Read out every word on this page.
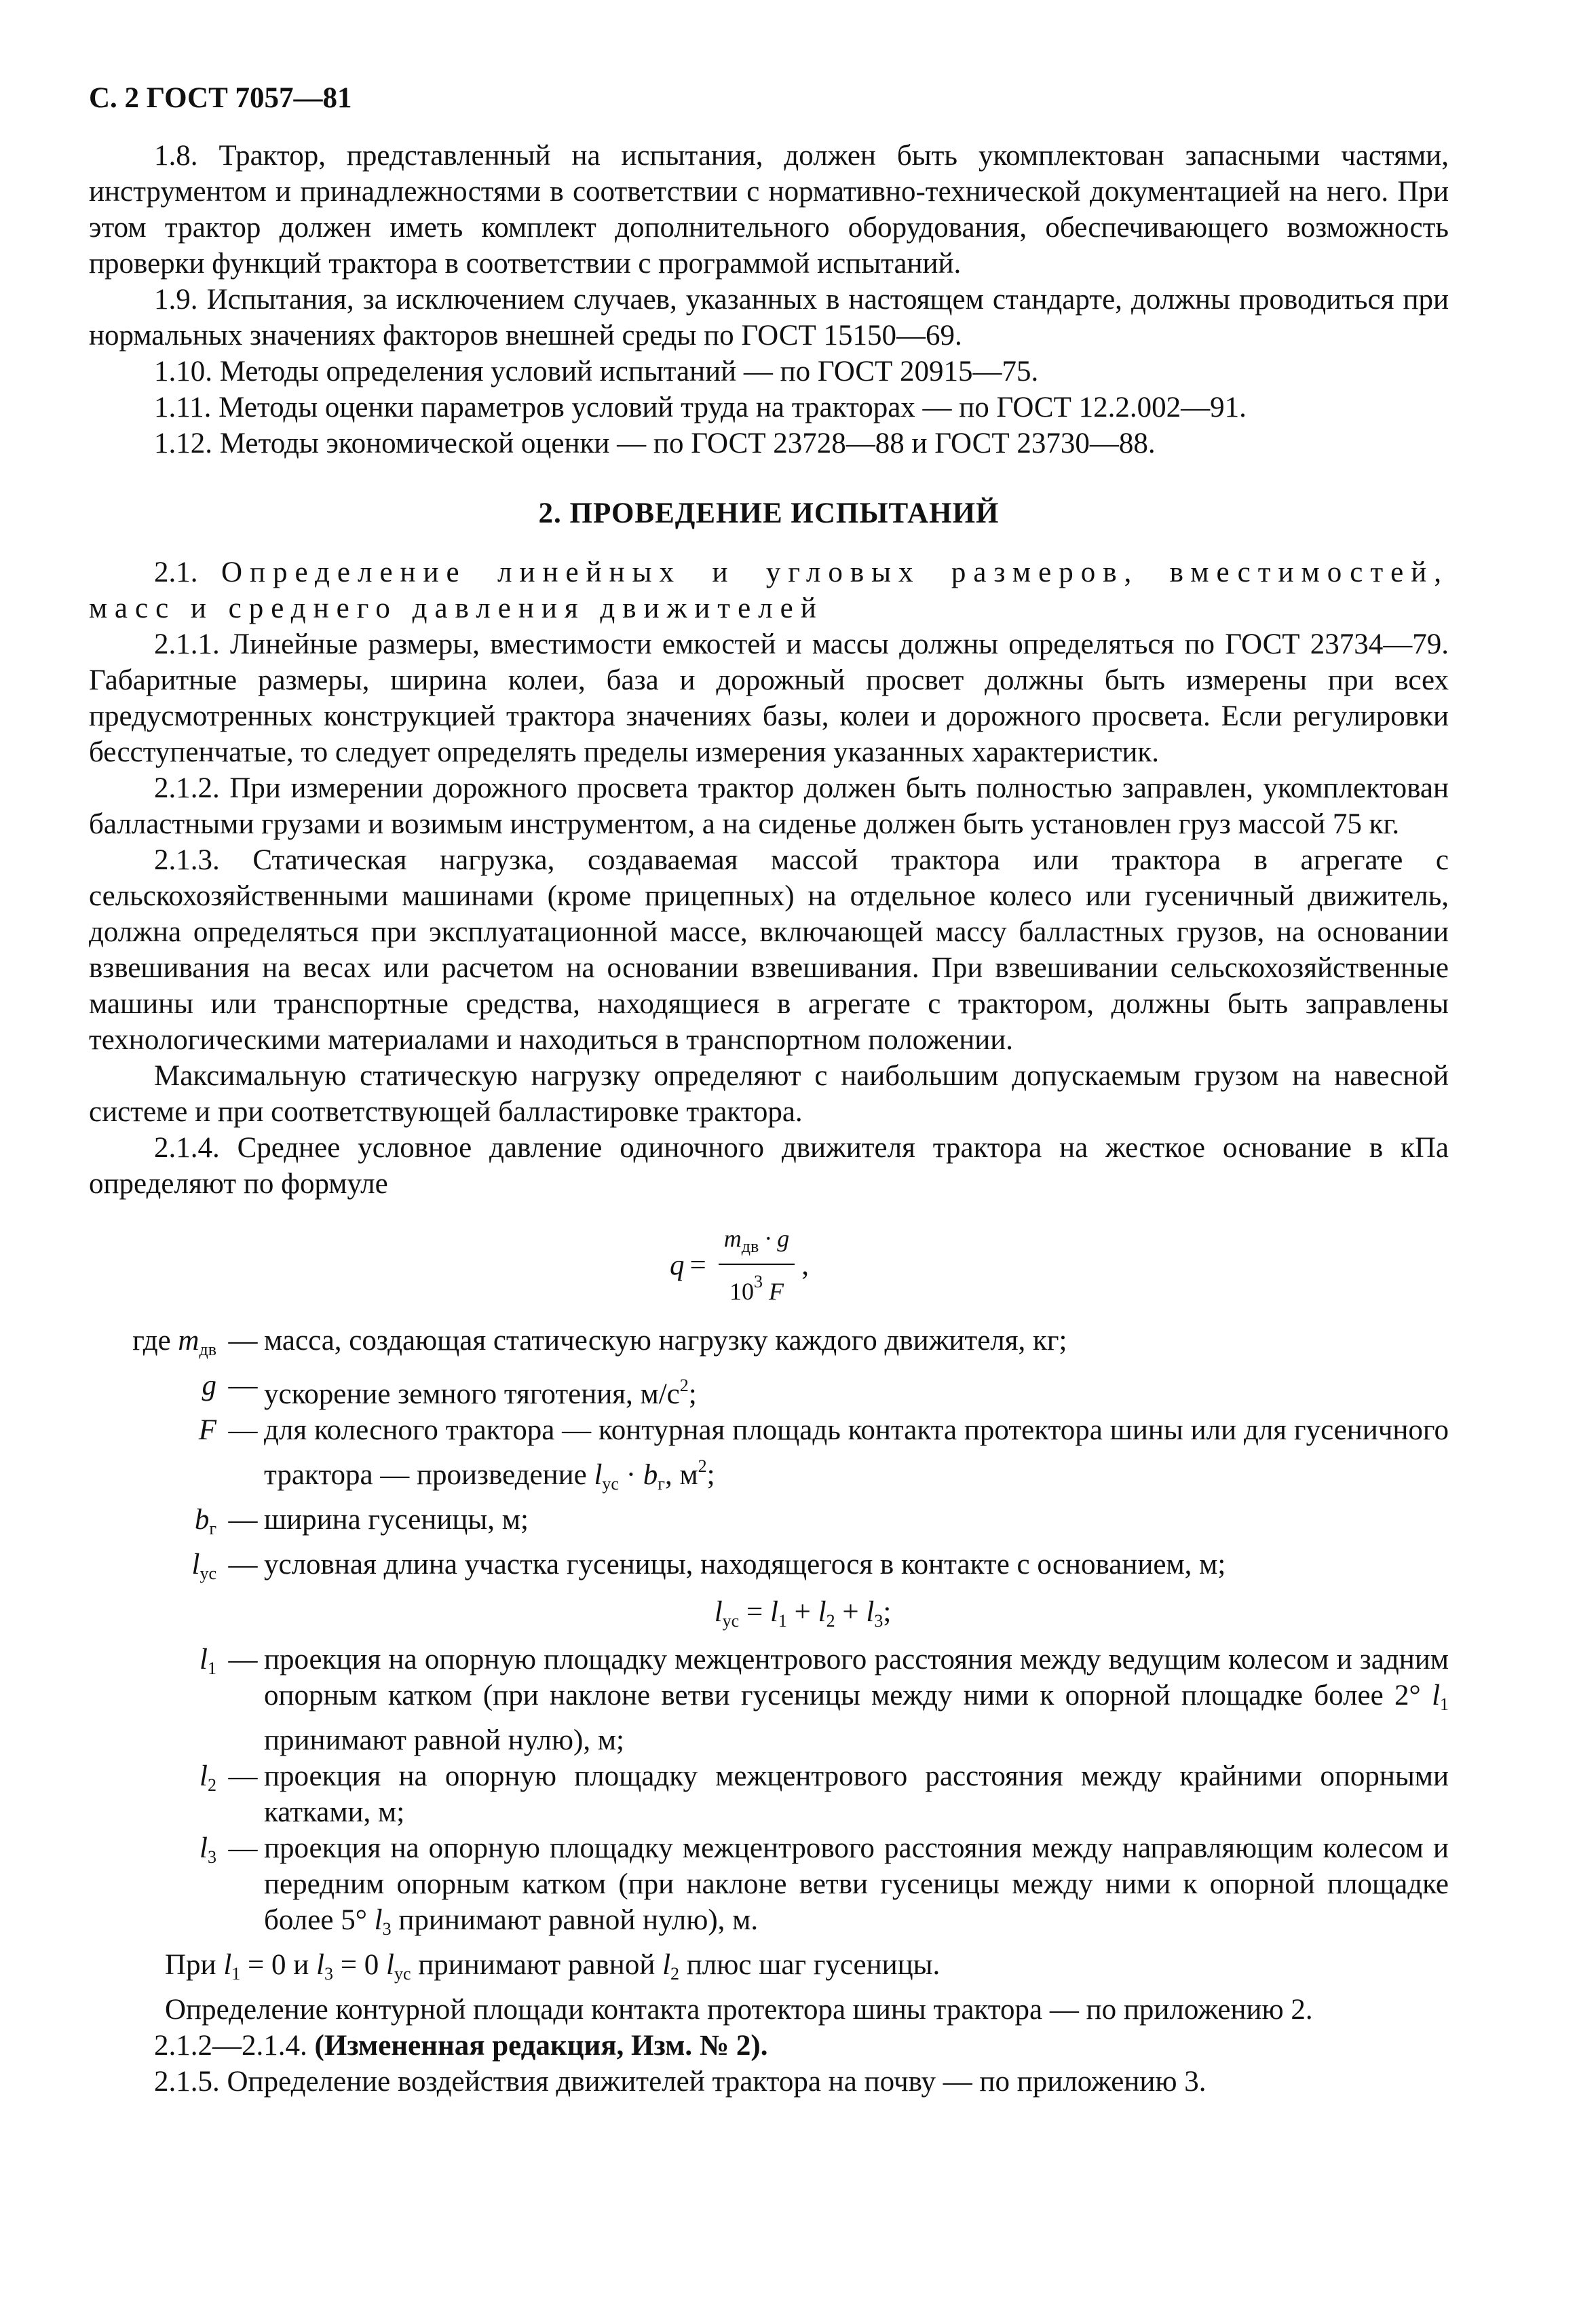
С. 2 ГОСТ 7057—81

1.8. Трактор, представленный на испытания, должен быть укомплектован запасными частями, инструментом и принадлежностями в соответствии с нормативно-технической документацией на него. При этом трактор должен иметь комплект дополнительного оборудования, обеспечивающего возможность проверки функций трактора в соответствии с программой испытаний.

1.9. Испытания, за исключением случаев, указанных в настоящем стандарте, должны проводиться при нормальных значениях факторов внешней среды по ГОСТ 15150—69.

1.10. Методы определения условий испытаний — по ГОСТ 20915—75.

1.11. Методы оценки параметров условий труда на тракторах — по ГОСТ 12.2.002—91.

1.12. Методы экономической оценки — по ГОСТ 23728—88 и ГОСТ 23730—88.

2. ПРОВЕДЕНИЕ ИСПЫТАНИЙ

2.1. Определение линейных и угловых размеров, вместимостей, масс и среднего давления движителей

2.1.1. Линейные размеры, вместимости емкостей и массы должны определяться по ГОСТ 23734—79. Габаритные размеры, ширина колеи, база и дорожный просвет должны быть измерены при всех предусмотренных конструкцией трактора значениях базы, колеи и дорожного просвета. Если регулировки бесступенчатые, то следует определять пределы измерения указанных характеристик.

2.1.2. При измерении дорожного просвета трактор должен быть полностью заправлен, укомплектован балластными грузами и возимым инструментом, а на сиденье должен быть установлен груз массой 75 кг.

2.1.3. Статическая нагрузка, создаваемая массой трактора или трактора в агрегате с сельскохозяйственными машинами (кроме прицепных) на отдельное колесо или гусеничный движитель, должна определяться при эксплуатационной массе, включающей массу балластных грузов, на основании взвешивания на весах или расчетом на основании взвешивания. При взвешивании сельскохозяйственные машины или транспортные средства, находящиеся в агрегате с трактором, должны быть заправлены технологическими материалами и находиться в транспортном положении.

Максимальную статическую нагрузку определяют с наибольшим допускаемым грузом на навесной системе и при соответствующей балластировке трактора.

2.1.4. Среднее условное давление одиночного движителя трактора на жесткое основание в кПа определяют по формуле

$q = \frac{m_{дв} \cdot g}{10^3 F}$ ,
где $m_{дв}$ — масса, создающая статическую нагрузку каждого движителя, кг;
g — ускорение земного тяготения, $м/с^2$;
F — для колесного трактора — контурная площадь контакта протектора шины или для гусеничного трактора — произведение $l_{ус} \cdot b_г$, $м^2$;
$b_г$ — ширина гусеницы, м;
$l_{ус}$ — условная длина участка гусеницы, находящегося в контакте с основанием, м;
$l_{ус} = l_1 + l_2 + l_3$;
$l_1$ — проекция на опорную площадку межцентрового расстояния между ведущим колесом и задним опорным катком (при наклоне ветви гусеницы между ними к опорной площадке более 2° $l_1$ принимают равной нулю), м;
$l_2$ — проекция на опорную площадку межцентрового расстояния между крайними опорными катками, м;
$l_3$ — проекция на опорную площадку межцентрового расстояния между направляющим колесом и передним опорным катком (при наклоне ветви гусеницы между ними к опорной площадке более 5° $l_3$ принимают равной нулю), м.

При $l_1 = 0$ и $l_3 = 0$ $l_{ус}$ принимают равной $l_2$ плюс шаг гусеницы.

Определение контурной площади контакта протектора шины трактора — по приложению 2.

2.1.2—2.1.4. (Измененная редакция, Изм. № 2).

2.1.5. Определение воздействия движителей трактора на почву — по приложению 3.
